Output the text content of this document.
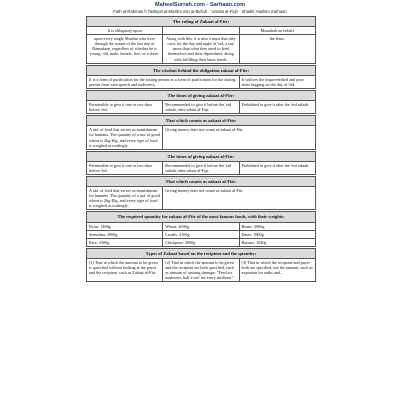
MaheelSurrah.com - Sarhaan.com
Fath al-Rahman fi Tazkiyat al-Muslim min al-Bid'ah · 'Umdat al-Fiqh · Shaikh Hashim Sarhaan
The ruling of Zakaat al-Fitr:		
It is obligatory upon		Mustahab on behalf
upon every single Muslim who lives through the sunset of the last day of Ramadaan, regardless of whether he is young, old, male, female, free, or a slave.	Along with this, it is also a must that they own, for the day and night of 'eid, a saa' more than what they need to feed themselves and their dependents, along with fulfilling their basic needs.	the fetus.

The wisdom behind the obligation zakaat al-Fitr:		
It is a form of purification for the fasting person as a form of purification for the fasting person from vain speech and indecency		It suffices the impoverished and poor from begging on the day of 'eid.

The times of giving zakaat al-Fitr:		
Permissible to give it one or two days before 'eid.	Recommended to give it before the 'eid salaah, after salaat al-Fajr.	Prohibited to give it after the 'eid salaah.

That which counts as zakaat al-Fitr:		
A saa' of food that serves as nourishment for humans. The quantity of a saa' of good wheat is 2kg 40g, and every type of food is weighed accordingly.	Giving money does not count as zakaat al-Fitr.	

The times of giving zakaat al-Fitr:		
Permissible to give it one or two days before 'eid.	Recommended to give it before the 'eid salaah, after salaat al-Fajr.	Prohibited to give it after the 'eid salaah.

That which counts as zakaat al-Fitr:		
A saa' of food that serves as nourishment for humans. The quantity of a saa' of good wheat is 2kg 40g, and every type of food is weighed accordingly.	Giving money does not count as zakaat al-Fitr.	

The required quantity for zakaat al-Fitr of the most famous foods, with their weights:		
Flour: 1400g	Wheat: 2040g	Beans: 2060g
Semolina: 2000g	Lentils: 2100g	Dates: 1800g
Rice: 2300g	Chickpeas: 2000g	Raisins: 1640g

Types of Zakaat based on the recipient and the quantity:		
[1] That in which the amount to be given is specified without looking at the payer and the recipient, such as Zakaat al-Fitr.	[2] That in which the amount to be given and the recipient are both specified, such as ransom of causing damage: "Feed six miskeens; half a saa' for every miskeen."	[3] That in which the recipient and payer both are specified, not the amount, such as expiation for oaths and...
